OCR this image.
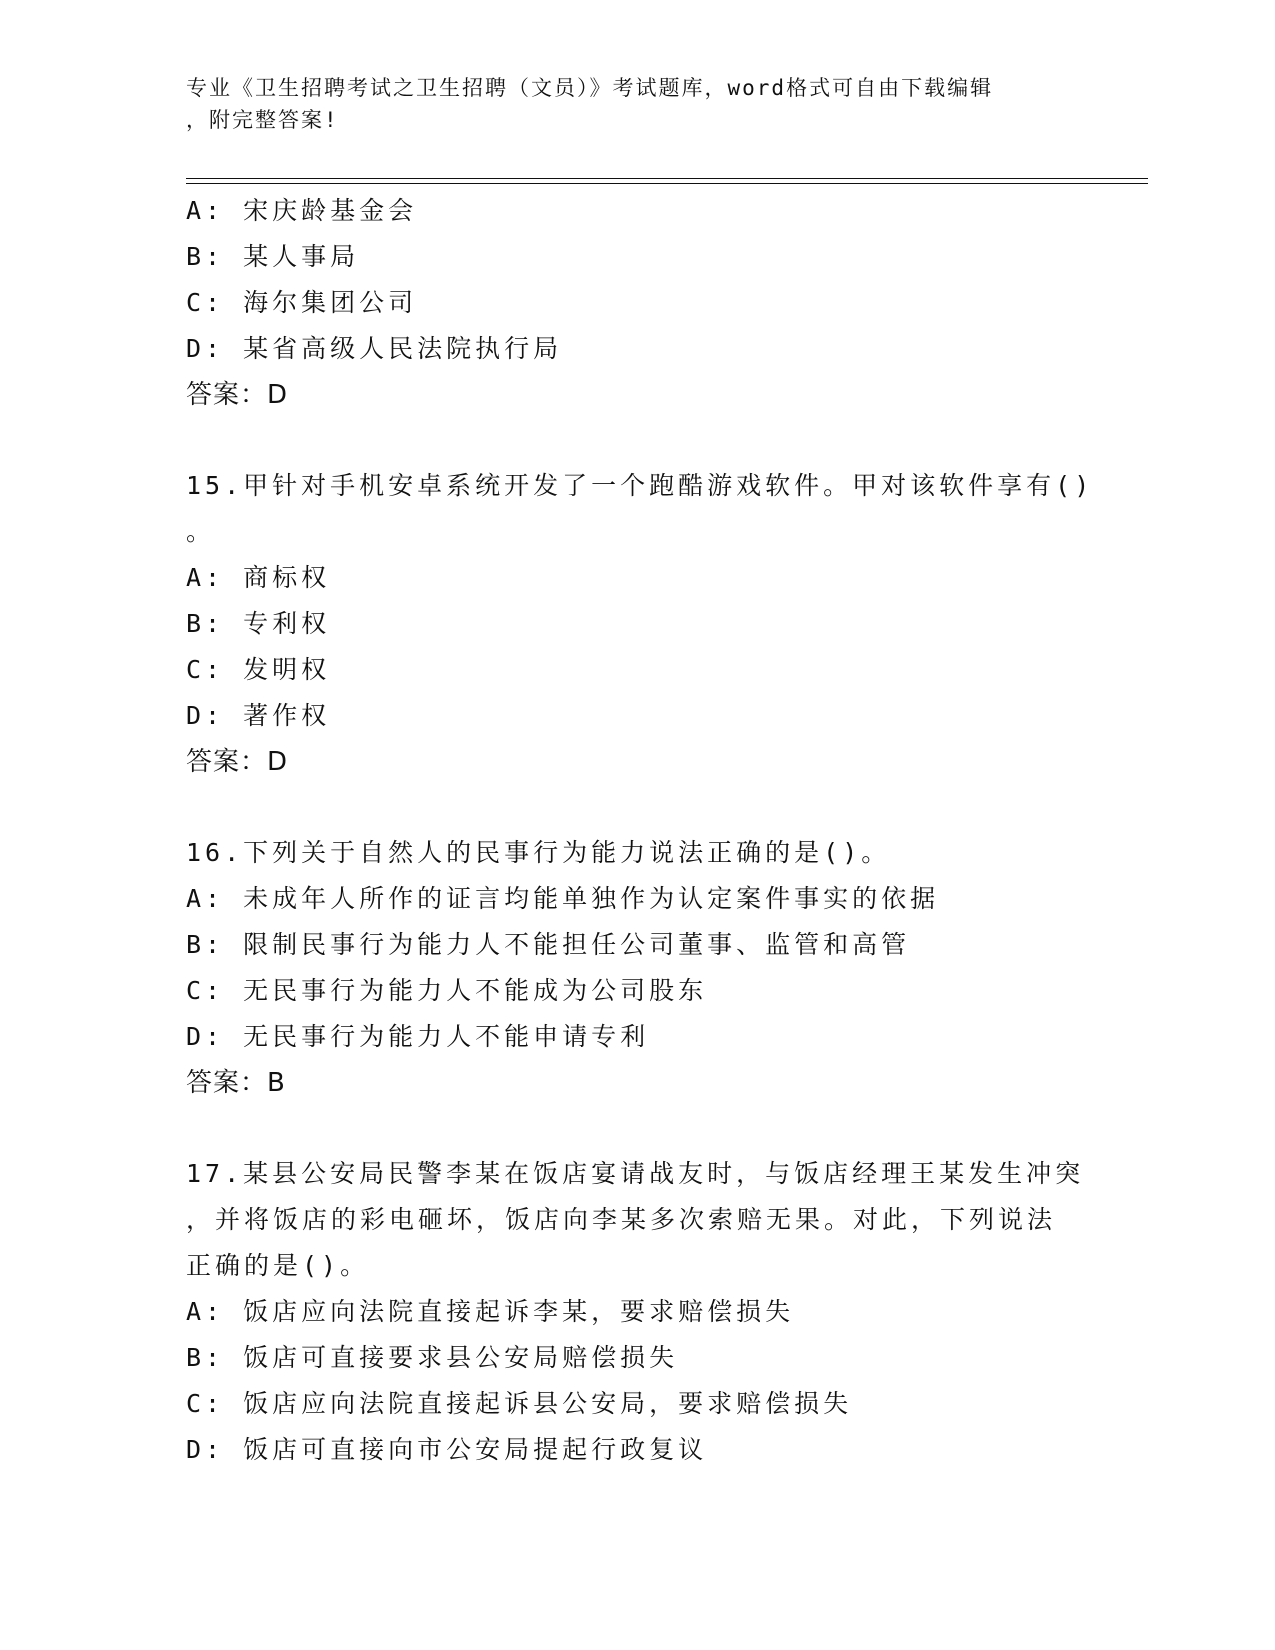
专业《卫生招聘考试之卫生招聘（文员）》考试题库，word格式可自由下载编辑
，附完整答案!
A: 宋庆龄基金会
B: 某人事局
C: 海尔集团公司
D: 某省高级人民法院执行局
答案：D
15.甲针对手机安卓系统开发了一个跑酷游戏软件。甲对该软件享有()
。
A: 商标权
B: 专利权
C: 发明权
D: 著作权
答案：D
16.下列关于自然人的民事行为能力说法正确的是()。
A: 未成年人所作的证言均能单独作为认定案件事实的依据
B: 限制民事行为能力人不能担任公司董事、监管和高管
C: 无民事行为能力人不能成为公司股东
D: 无民事行为能力人不能申请专利
答案：B
17.某县公安局民警李某在饭店宴请战友时，与饭店经理王某发生冲突
，并将饭店的彩电砸坏，饭店向李某多次索赔无果。对此，下列说法
正确的是()。
A: 饭店应向法院直接起诉李某，要求赔偿损失
B: 饭店可直接要求县公安局赔偿损失
C: 饭店应向法院直接起诉县公安局，要求赔偿损失
D: 饭店可直接向市公安局提起行政复议
